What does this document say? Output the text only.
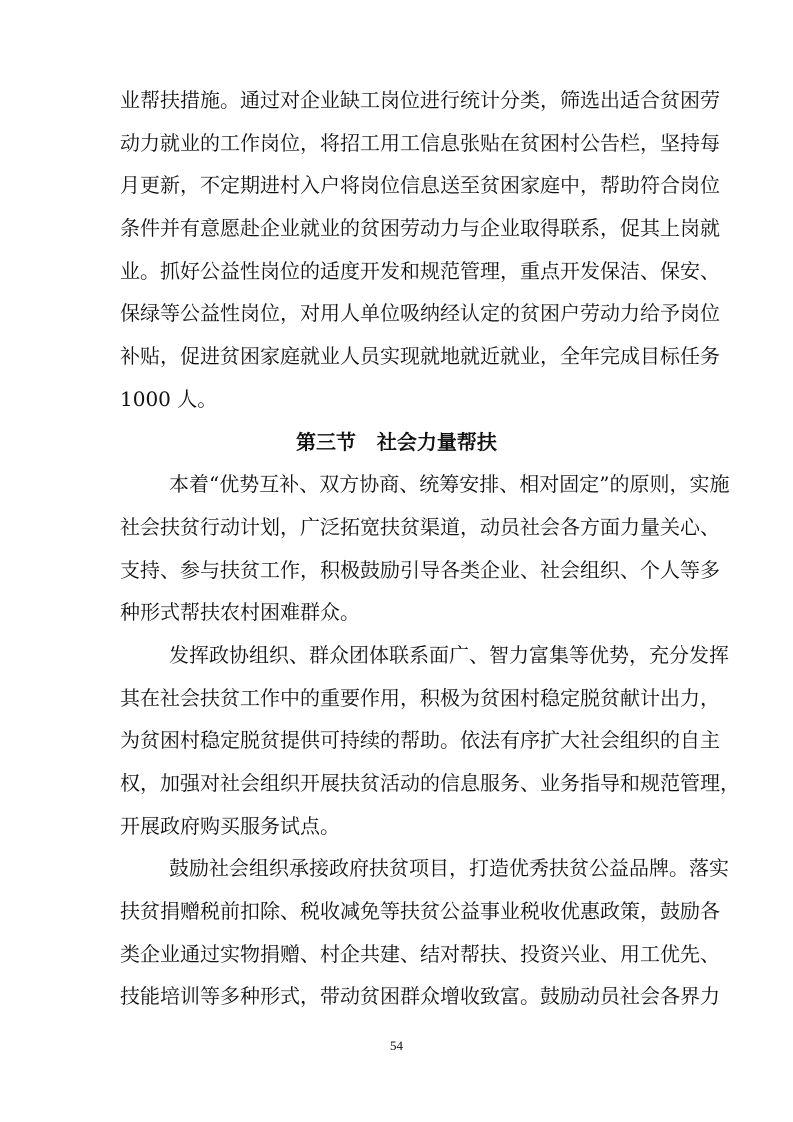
业帮扶措施。通过对企业缺工岗位进行统计分类，筛选出适合贫困劳
动力就业的工作岗位，将招工用工信息张贴在贫困村公告栏，坚持每
月更新，不定期进村入户将岗位信息送至贫困家庭中，帮助符合岗位
条件并有意愿赴企业就业的贫困劳动力与企业取得联系，促其上岗就
业。抓好公益性岗位的适度开发和规范管理，重点开发保洁、保安、
保绿等公益性岗位，对用人单位吸纳经认定的贫困户劳动力给予岗位
补贴，促进贫困家庭就业人员实现就地就近就业，全年完成目标任务
1000 人。
第三节   社会力量帮扶
本着“优势互补、双方协商、统筹安排、相对固定”的原则，实施
社会扶贫行动计划，广泛拓宽扶贫渠道，动员社会各方面力量关心、
支持、参与扶贫工作，积极鼓励引导各类企业、社会组织、个人等多
种形式帮扶农村困难群众。
发挥政协组织、群众团体联系面广、智力富集等优势，充分发挥
其在社会扶贫工作中的重要作用，积极为贫困村稳定脱贫献计出力，
为贫困村稳定脱贫提供可持续的帮助。依法有序扩大社会组织的自主
权，加强对社会组织开展扶贫活动的信息服务、业务指导和规范管理，
开展政府购买服务试点。
鼓励社会组织承接政府扶贫项目，打造优秀扶贫公益品牌。落实
扶贫捐赠税前扣除、税收减免等扶贫公益事业税收优惠政策，鼓励各
类企业通过实物捐赠、村企共建、结对帮扶、投资兴业、用工优先、
技能培训等多种形式，带动贫困群众增收致富。鼓励动员社会各界力
54
